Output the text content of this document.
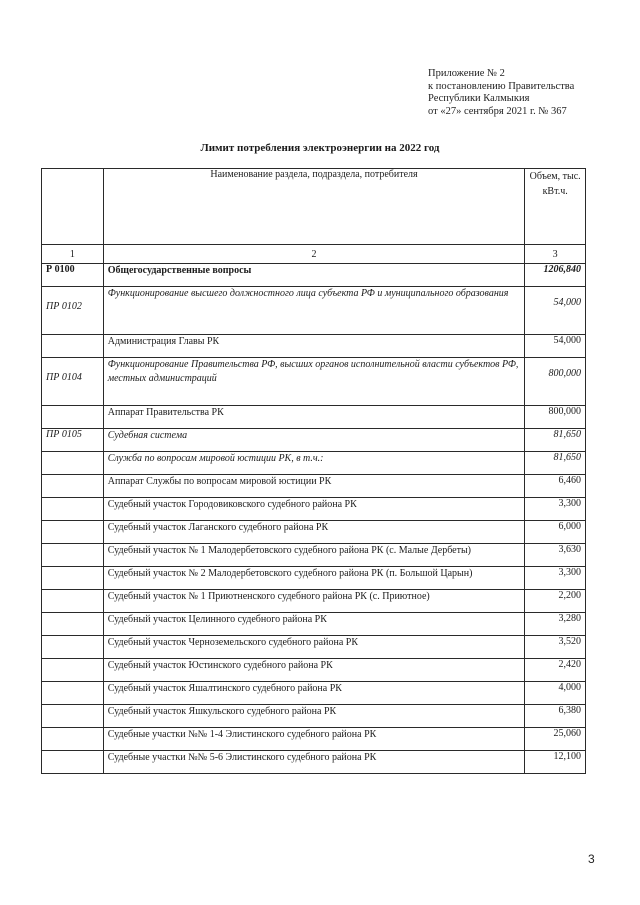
Приложение № 2
к постановлению Правительства
Республики Калмыкия
от «27» сентября 2021 г. № 367
Лимит потребления электроэнергии на 2022 год
	Наименование раздела, подраздела, потребителя	Объем, тыс. кВт.ч.
1	2	3
Р 0100	Общегосударственные вопросы	1206,840
ПР 0102	Функционирование высшего должностного лица субъекта РФ и муниципального образования	54,000
	Администрация Главы РК	54,000
ПР 0104	Функционирование Правительства РФ, высших органов исполнительной власти субъектов РФ, местных администраций	800,000
	Аппарат Правительства РК	800,000
ПР 0105	Судебная система	81,650
	Служба по вопросам мировой юстиции РК, в т.ч.:	81,650
	Аппарат Службы по вопросам мировой юстиции РК	6,460
	Судебный участок Городовиковского судебного района РК	3,300
	Судебный участок Лаганского судебного района РК	6,000
	Судебный участок № 1 Малодербетовского судебного района РК (с. Малые Дербеты)	3,630
	Судебный участок № 2 Малодербетовского судебного района РК (п. Большой Царын)	3,300
	Судебный участок № 1 Приютненского судебного района РК (с. Приютное)	2,200
	Судебный участок Целинного судебного района РК	3,280
	Судебный участок Черноземельского судебного района РК	3,520
	Судебный участок Юстинского судебного района РК	2,420
	Судебный участок Яшалтинского судебного района РК	4,000
	Судебный участок Яшкульского судебного района РК	6,380
	Судебные участки №№ 1-4 Элистинского судебного района РК	25,060
	Судебные участки №№ 5-6 Элистинского судебного района РК	12,100
3
